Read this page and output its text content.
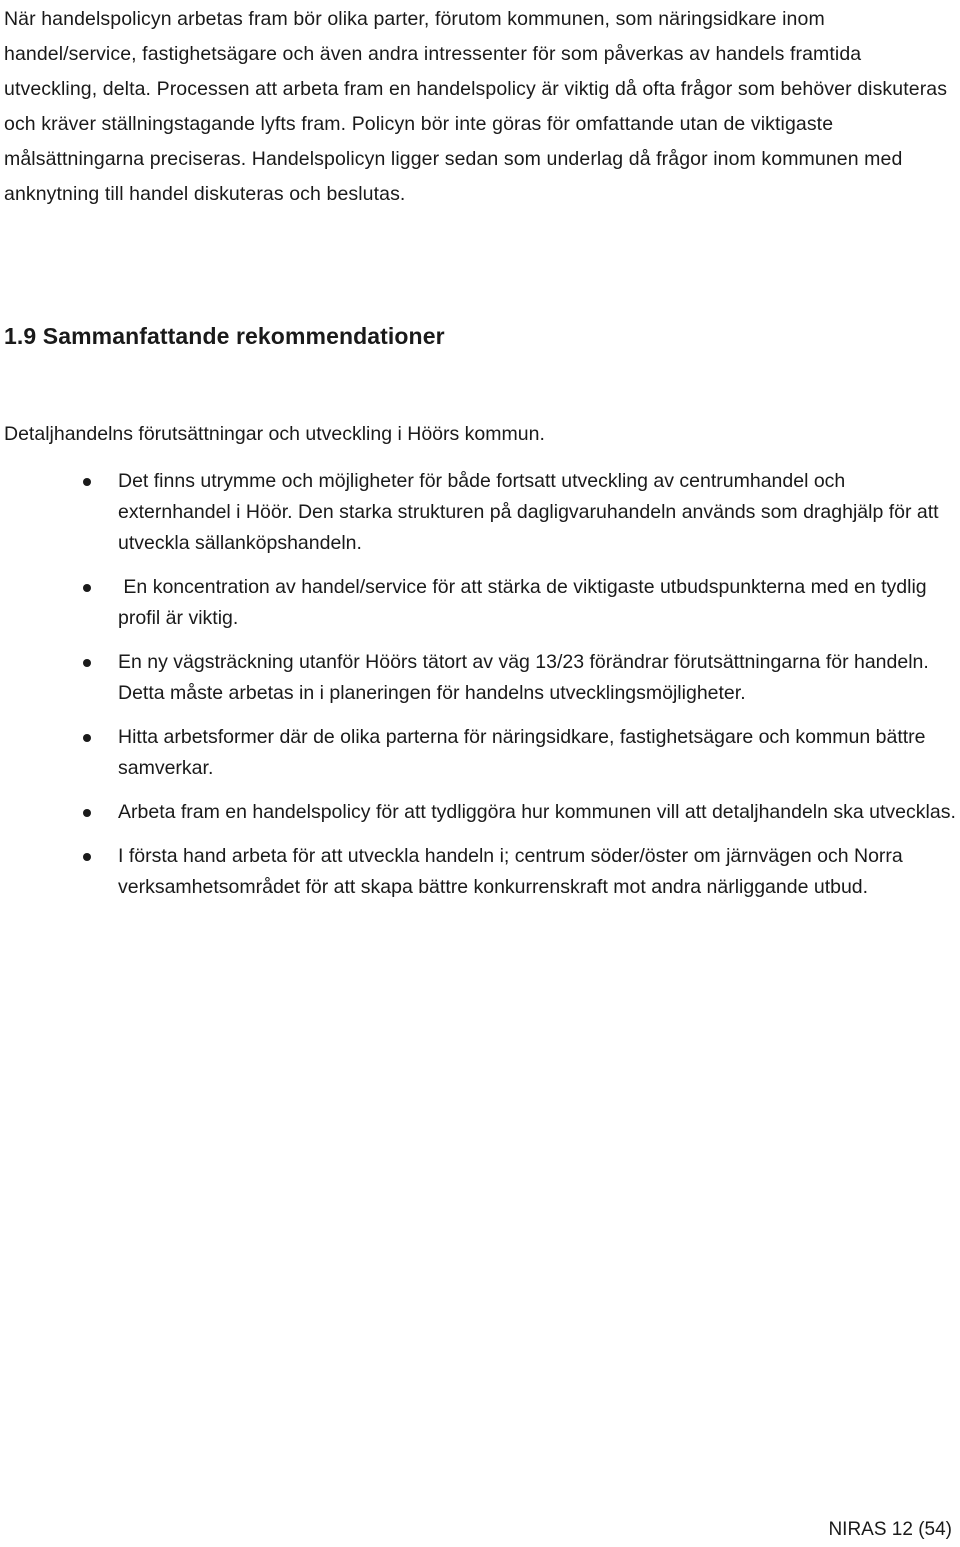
När handelspolicyn arbetas fram bör olika parter, förutom kommunen, som näringsidkare inom handel/service, fastighetsägare och även andra intressenter för som påverkas av handels framtida utveckling, delta. Processen att arbeta fram en handelspolicy är viktig då ofta frågor som behöver diskuteras och kräver ställningstagande lyfts fram. Policyn bör inte göras för omfattande utan de viktigaste målsättningarna preciseras. Handelspolicyn ligger sedan som underlag då frågor inom kommunen med anknytning till handel diskuteras och beslutas.

1.9 Sammanfattande rekommendationer

Detaljhandelns förutsättningar och utveckling i Höörs kommun.

Det finns utrymme och möjligheter för både fortsatt utveckling av centrumhandel och externhandel i Höör. Den starka strukturen på dagligvaruhandeln används som draghjälp för att utveckla sällanköpshandeln.
En koncentration av handel/service för att stärka de viktigaste utbudspunkterna med en tydlig profil är viktig.
En ny vägsträckning utanför Höörs tätort av väg 13/23 förändrar förutsättningarna för handeln. Detta måste arbetas in i planeringen för handelns utvecklingsmöjligheter.
Hitta arbetsformer där de olika parterna för näringsidkare, fastighetsägare och kommun bättre samverkar.
Arbeta fram en handelspolicy för att tydliggöra hur kommunen vill att detaljhandeln ska utvecklas.
I första hand arbeta för att utveckla handeln i; centrum söder/öster om järnvägen och Norra verksamhetsområdet för att skapa bättre konkurrenskraft mot andra närliggande utbud.
NIRAS 12 (54)
